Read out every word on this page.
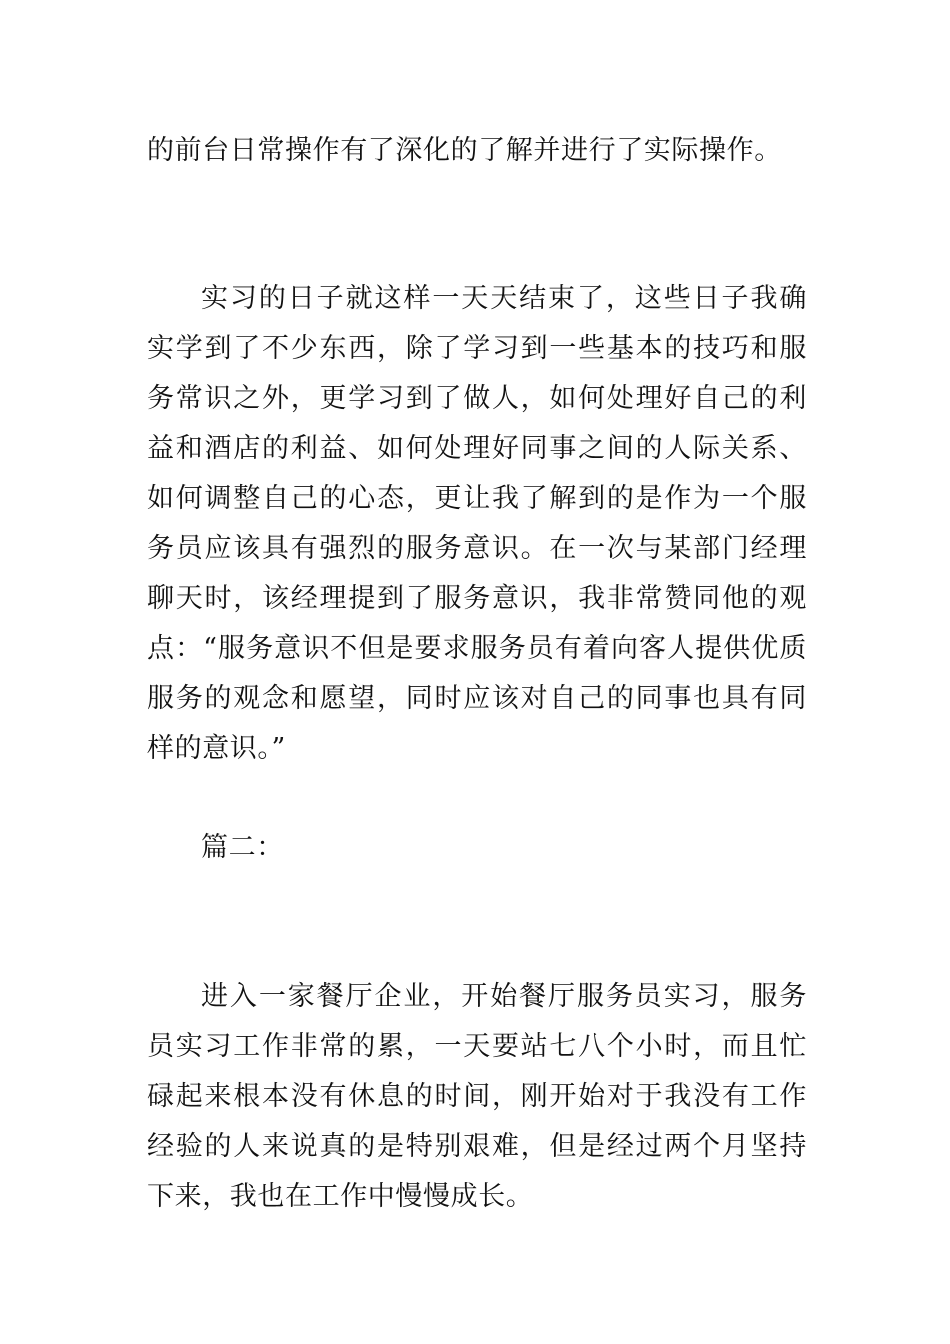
的前台日常操作有了深化的了解并进行了实际操作。

实习的日子就这样一天天结束了，这些日子我确实学到了不少东西，除了学习到一些基本的技巧和服务常识之外，更学习到了做人，如何处理好自己的利益和酒店的利益、如何处理好同事之间的人际关系、如何调整自己的心态，更让我了解到的是作为一个服务员应该具有强烈的服务意识。在一次与某部门经理聊天时，该经理提到了服务意识，我非常赞同他的观点：“服务意识不但是要求服务员有着向客人提供优质服务的观念和愿望，同时应该对自己的同事也具有同样的意识。”

篇二：

进入一家餐厅企业，开始餐厅服务员实习，服务员实习工作非常的累，一天要站七八个小时，而且忙碌起来根本没有休息的时间，刚开始对于我没有工作经验的人来说真的是特别艰难，但是经过两个月坚持下来，我也在工作中慢慢成长。
